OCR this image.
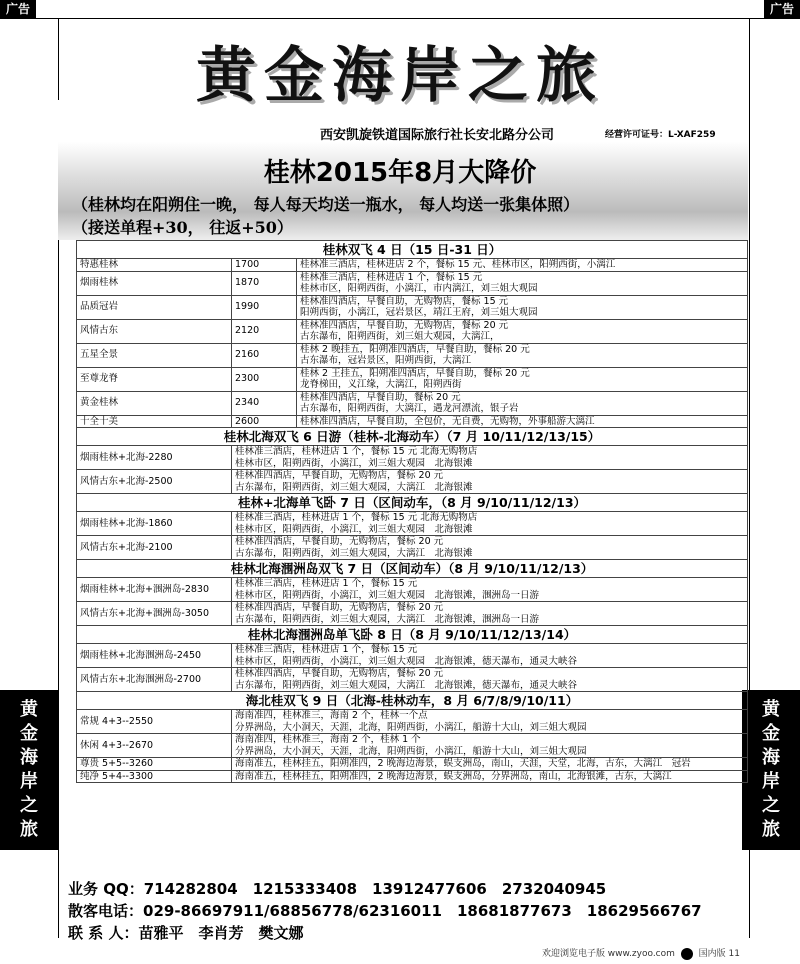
广告	广告
黄金海岸之旅
西安凯旋铁道国际旅行社长安北路分公司	经营许可证号：L-XAF259
桂林2015年8月大降价
（桂林均在阳朔住一晚， 每人每天均送一瓶水， 每人均送一张集体照）
（接送单程+30， 往返+50）
黄
金
海
岸
之
旅
黄
金
海
岸
之
旅
桂林双飞 4 日（15 日-31 日）		
特惠桂林	1700	桂林准三酒店，桂林进店 2 个，餐标 15 元、桂林市区，阳朔西街，小漓江

烟雨桂林	1870	桂林准三酒店，桂林进店 1 个，餐标 15 元
桂林市区，阳朔西街，小漓江，市内漓江，刘三姐大观园

品质冠岩	1990	桂林准四酒店，早餐自助，无购物店，餐标 15 元
阳朔西街，小漓江，冠岩景区，靖江王府，刘三姐大观园

风情古东	2120	桂林准四酒店，早餐自助，无购物店，餐标 20 元
古东瀑布，阳朔西街，刘三姐大观园，大漓江，

五星全景	2160	桂林 2 晚挂五，阳朔准四酒店，早餐自助，餐标 20 元
古东瀑布，冠岩景区，阳朔西街，大漓江

至尊龙脊	2300	桂林 2 王挂五，阳朔准四酒店，早餐自助，餐标 20 元
龙脊梯田，义江缘，大漓江，阳朔西街

黄金桂林	2340	桂林准四酒店，早餐自助，餐标 20 元
古东瀑布，阳朔西街，大漓江，遇龙河漂流，银子岩

十全十美	2600	桂林准四酒店，早餐自助，全包价，无自费，无购物，外事船游大漓江

桂林北海双飞 6 日游（桂林-北海动车）（7 月 10/11/12/13/15）		
烟雨桂林+北海-2280	桂林准三酒店，桂林进店 1 个，餐标 15 元 北海无购物店
桂林市区，阳朔西街，小漓江，刘三姐大观园　北海银滩	

风情古东+北海-2500	桂林准四酒店，早餐自助，无购物店，餐标 20 元
古东瀑布，阳朔西街，刘三姐大观园，大漓江　北海银滩	

桂林+北海单飞卧 7 日（区间动车，（8 月 9/10/11/12/13）		
烟雨桂林+北海-1860	桂林准三酒店，桂林进店 1 个，餐标 15 元 北海无购物店
桂林市区，阳朔西街，小漓江，刘三姐大观园　北海银滩	

风情古东+北海-2100	桂林准四酒店，早餐自助，无购物店，餐标 20 元
古东瀑布，阳朔西街，刘三姐大观园，大漓江　北海银滩	

桂林北海涠洲岛双飞 7 日（区间动车）（8 月 9/10/11/12/13）		
烟雨桂林+北海+涠洲岛-2830	桂林准三酒店，桂林进店 1 个，餐标 15 元
桂林市区，阳朔西街，小漓江，刘三姐大观园　北海银滩，涠洲岛一日游	

风情古东+北海+涠洲岛-3050	桂林准四酒店，早餐自助，无购物店，餐标 20 元
古东瀑布，阳朔西街，刘三姐大观园，大漓江　北海银滩，涠洲岛一日游	

桂林北海涠洲岛单飞卧 8 日（8 月 9/10/11/12/13/14）		
烟雨桂林+北海涠洲岛-2450	桂林准三酒店，桂林进店 1 个，餐标 15 元
桂林市区，阳朔西街，小漓江，刘三姐大观园　北海银滩，德天瀑布，通灵大峡谷	

风情古东+北海涠洲岛-2700	桂林准四酒店，早餐自助，无购物店，餐标 20 元
古东瀑布，阳朔西街，刘三姐大观园，大漓江　北海银滩，德天瀑布，通灵大峡谷	

海北桂双飞 9 日（北海-桂林动车，8 月 6/7/8/9/10/11）		
常规 4+3--2550	海南准四，桂林准三，海南 2 个，桂林一个点
分界洲岛，大小洞天，天涯，北海，阳朔西街，小漓江，船游十大山，刘三姐大观园	

休闲 4+3--2670	海南准四，桂林准三，海南 2 个，桂林 1 个
分界洲岛，大小洞天，天涯，北海，阳朔西街，小漓江，船游十大山，刘三姐大观园	

尊贵 5+5--3260	海南准五，桂林挂五，阳朔准四，2 晚海边海景，蜈支洲岛，南山，天涯，天堂，北海，古东，大漓江　冠岩	

纯净 5+4--3300	海南准五，桂林挂五，阳朔准四，2 晚海边海景，蜈支洲岛，分界洲岛，南山，北海银滩，古东，大漓江	
业务 QQ：714282804　1215333408　13912477606　2732040945
散客电话：029-86697911/68856778/62316011　18681877673　18629566767
联 系 人：苗雅平　李肖芳　樊文娜
欢迎浏览电子版 www.zyoo.com	国内版 11
